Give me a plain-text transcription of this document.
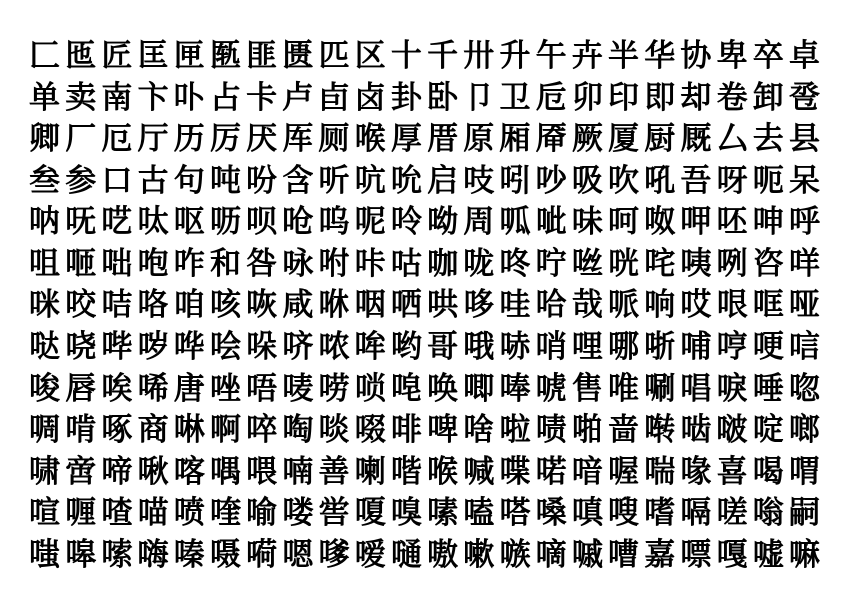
匚 匜 匠 匡 匣 匦 匪 匮 匹 区 十 千 卅 升 午 卉 半 华 协 卑 卒 卓
单 卖 南 卞 卟 占 卡 卢 卣 卤 卦 卧 卩 卫 卮 卯 印 即 却 卷 卸 卺
卿 厂 厄 厅 历 厉 厌 厍 厕 喉 厚 厝 原 厢 厣 厥 厦 厨 厩 厶 去 县
叁 参 口 古 句 吨 吩 含 听 吭 吮 启 吱 吲 吵 吸 吹 吼 吾 呀 呃 呆
呐 呒 呓 呔 呕 呖 呗 呛 呜 呢 呤 呦 周 呱 呲 味 呵 呶 呷 呸 呻 呼
咀 咂 咄 咆 咋 和 咎 咏 咐 咔 咕 咖 咙 咚 咛 咝 咣 咤 咦 咧 咨 咩
咪 咬 咭 咯 咱 咳 咴 咸 咻 咽 哂 哄 哆 哇 哈 哉 哌 响 哎 哏 哐 哑
哒 哓 哔 哕 哗 哙 哚 哜 哝 哞 哟 哥 哦 哧 哨 哩 哪 哳 哺 哼 哽 唁
唆 唇 唉 唏 唐 唑 唔 唛 唠 唢 唣 唤 唧 唪 唬 售 唯 唰 唱 唳 唾 唿
啁 啃 啄 商 啉 啊 啐 啕 啖 啜 啡 啤 啥 啦 啧 啪 啬 啭 啮 啵 啶 啷
啸 啻 啼 啾 喀 喁 喂 喃 善 喇 喈 喉 喊 喋 喏 喑 喔 喘 喙 喜 喝 喟
喧 喱 喳 喵 喷 喹 喻 喽 喾 嗄 嗅 嗉 嗑 嗒 嗓 嗔 嗖 嗜 嗝 嗟 嗡 嗣
嗤 嗥 嗦 嗨 嗪 嗫 嗬 嗯 嗲 嗳 嗵 嗷 嗽 嗾 嘀 嘁 嘈 嘉 嘌 嘎 嘘 嘛
